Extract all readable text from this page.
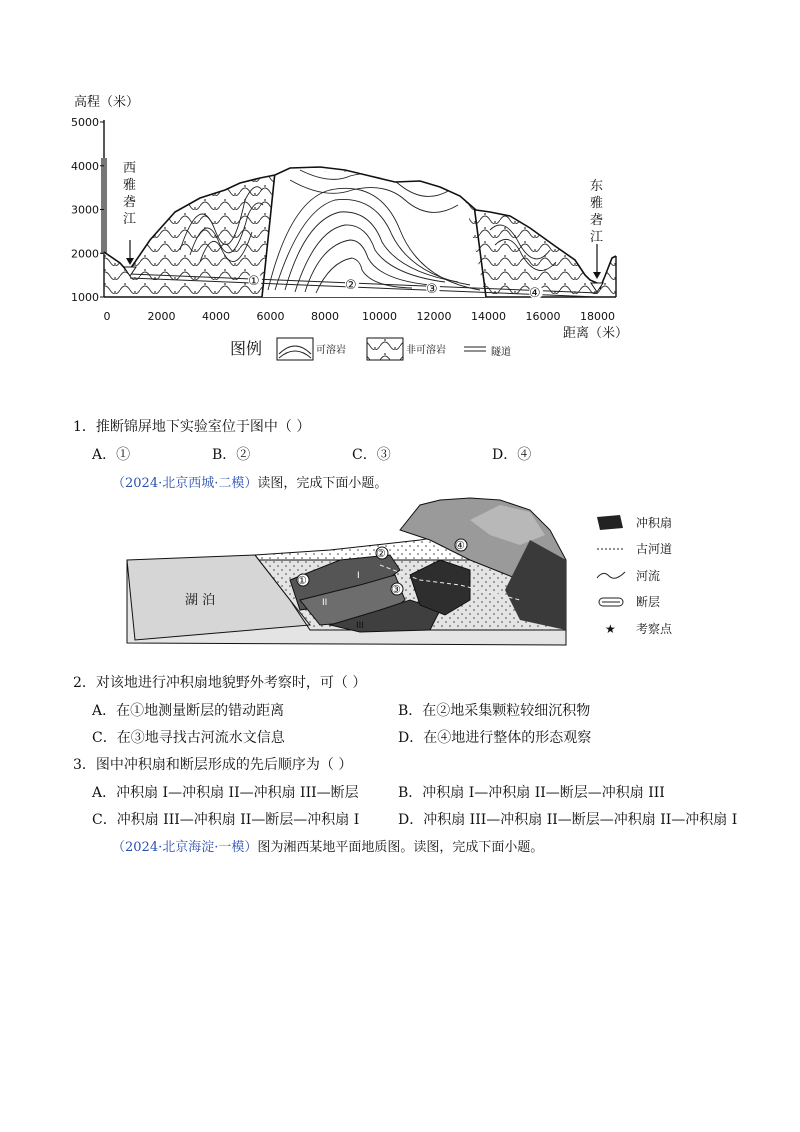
高程（米）
5000
4000
3000
2000
1000
0	2000 4000 6000 8000 10000 12000 14000 16000 18000
距离（米）
西
雅
砻
江
东
雅
砻
江
①	②	③	④
图例	可溶岩	非可溶岩	隧道
1．推断锦屏地下实验室位于图中（ ）
A．①	B．②	C．③	D．④
（2024·北京西城·二模）读图，完成下面小题。
①
②
③
④
I
II
III
湖 泊
冲积扇
古河道
河流
断层
★ 考察点
2．对该地进行冲积扇地貌野外考察时，可（ ）
A．在①地测量断层的错动距离	B．在②地采集颗粒较细沉积物
C．在③地寻找古河流水文信息	D．在④地进行整体的形态观察
3．图中冲积扇和断层形成的先后顺序为（ ）
A．冲积扇 I—冲积扇 II—冲积扇 III—断层	B．冲积扇 I—冲积扇 II—断层—冲积扇 III
C．冲积扇 III—冲积扇 II—断层—冲积扇 I	D．冲积扇 III—冲积扇 II—断层—冲积扇 II—冲积扇 I
（2024·北京海淀·一模）图为湘西某地平面地质图。读图，完成下面小题。
